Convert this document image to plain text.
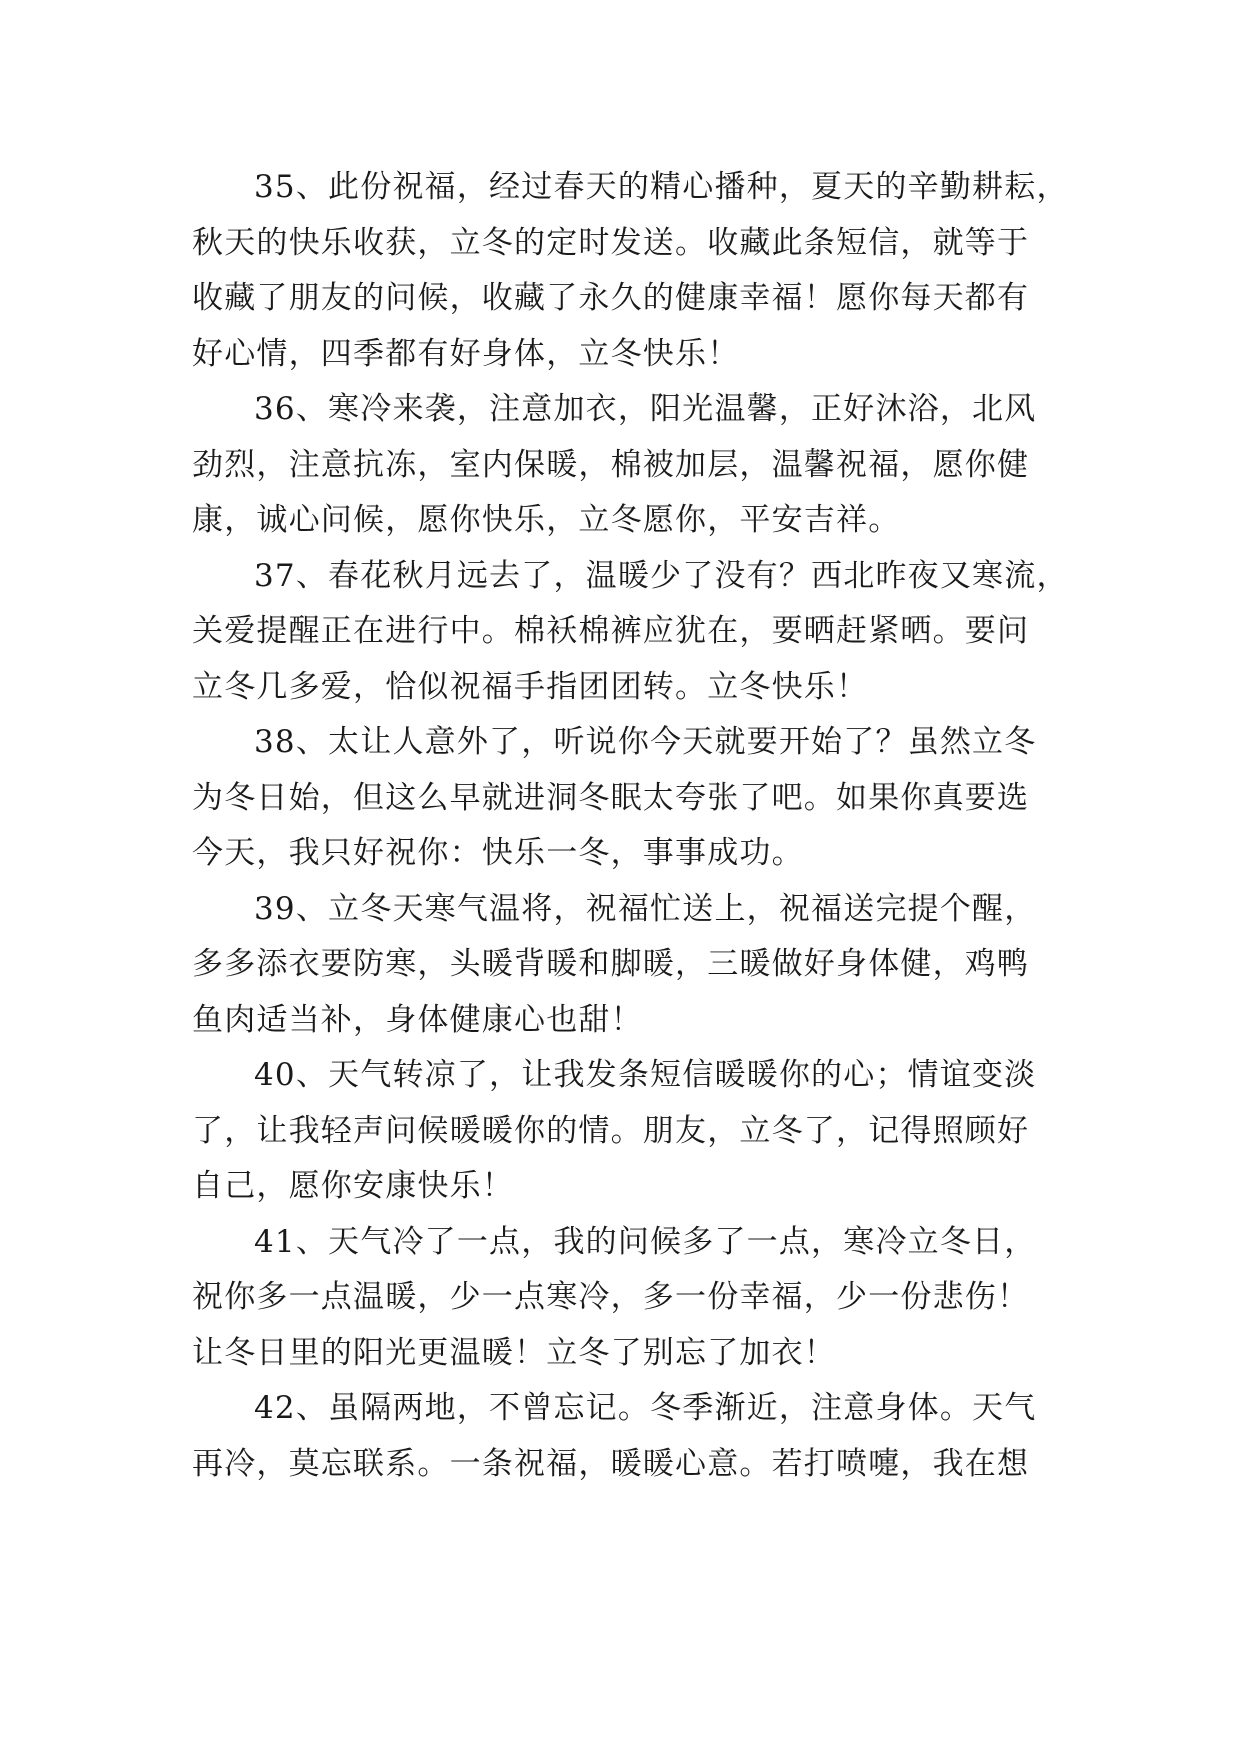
35、此份祝福，经过春天的精心播种，夏天的辛勤耕耘，
秋天的快乐收获，立冬的定时发送。收藏此条短信，就等于
收藏了朋友的问候，收藏了永久的健康幸福！愿你每天都有
好心情，四季都有好身体，立冬快乐！

36、寒冷来袭，注意加衣，阳光温馨，正好沐浴，北风
劲烈，注意抗冻，室内保暖，棉被加层，温馨祝福，愿你健
康，诚心问候，愿你快乐，立冬愿你，平安吉祥。

37、春花秋月远去了，温暖少了没有？西北昨夜又寒流，
关爱提醒正在进行中。棉袄棉裤应犹在，要晒赶紧晒。要问
立冬几多爱，恰似祝福手指团团转。立冬快乐！

38、太让人意外了，听说你今天就要开始了？虽然立冬
为冬日始，但这么早就进洞冬眠太夸张了吧。如果你真要选
今天，我只好祝你：快乐一冬，事事成功。

39、立冬天寒气温将，祝福忙送上，祝福送完提个醒，
多多添衣要防寒，头暖背暖和脚暖，三暖做好身体健，鸡鸭
鱼肉适当补，身体健康心也甜！

40、天气转凉了，让我发条短信暖暖你的心；情谊变淡
了，让我轻声问候暖暖你的情。朋友，立冬了，记得照顾好
自己，愿你安康快乐！

41、天气冷了一点，我的问候多了一点，寒冷立冬日，
祝你多一点温暖，少一点寒冷，多一份幸福，少一份悲伤！
让冬日里的阳光更温暖！立冬了别忘了加衣！

42、虽隔两地，不曾忘记。冬季渐近，注意身体。天气
再冷，莫忘联系。一条祝福，暖暖心意。若打喷嚏，我在想
